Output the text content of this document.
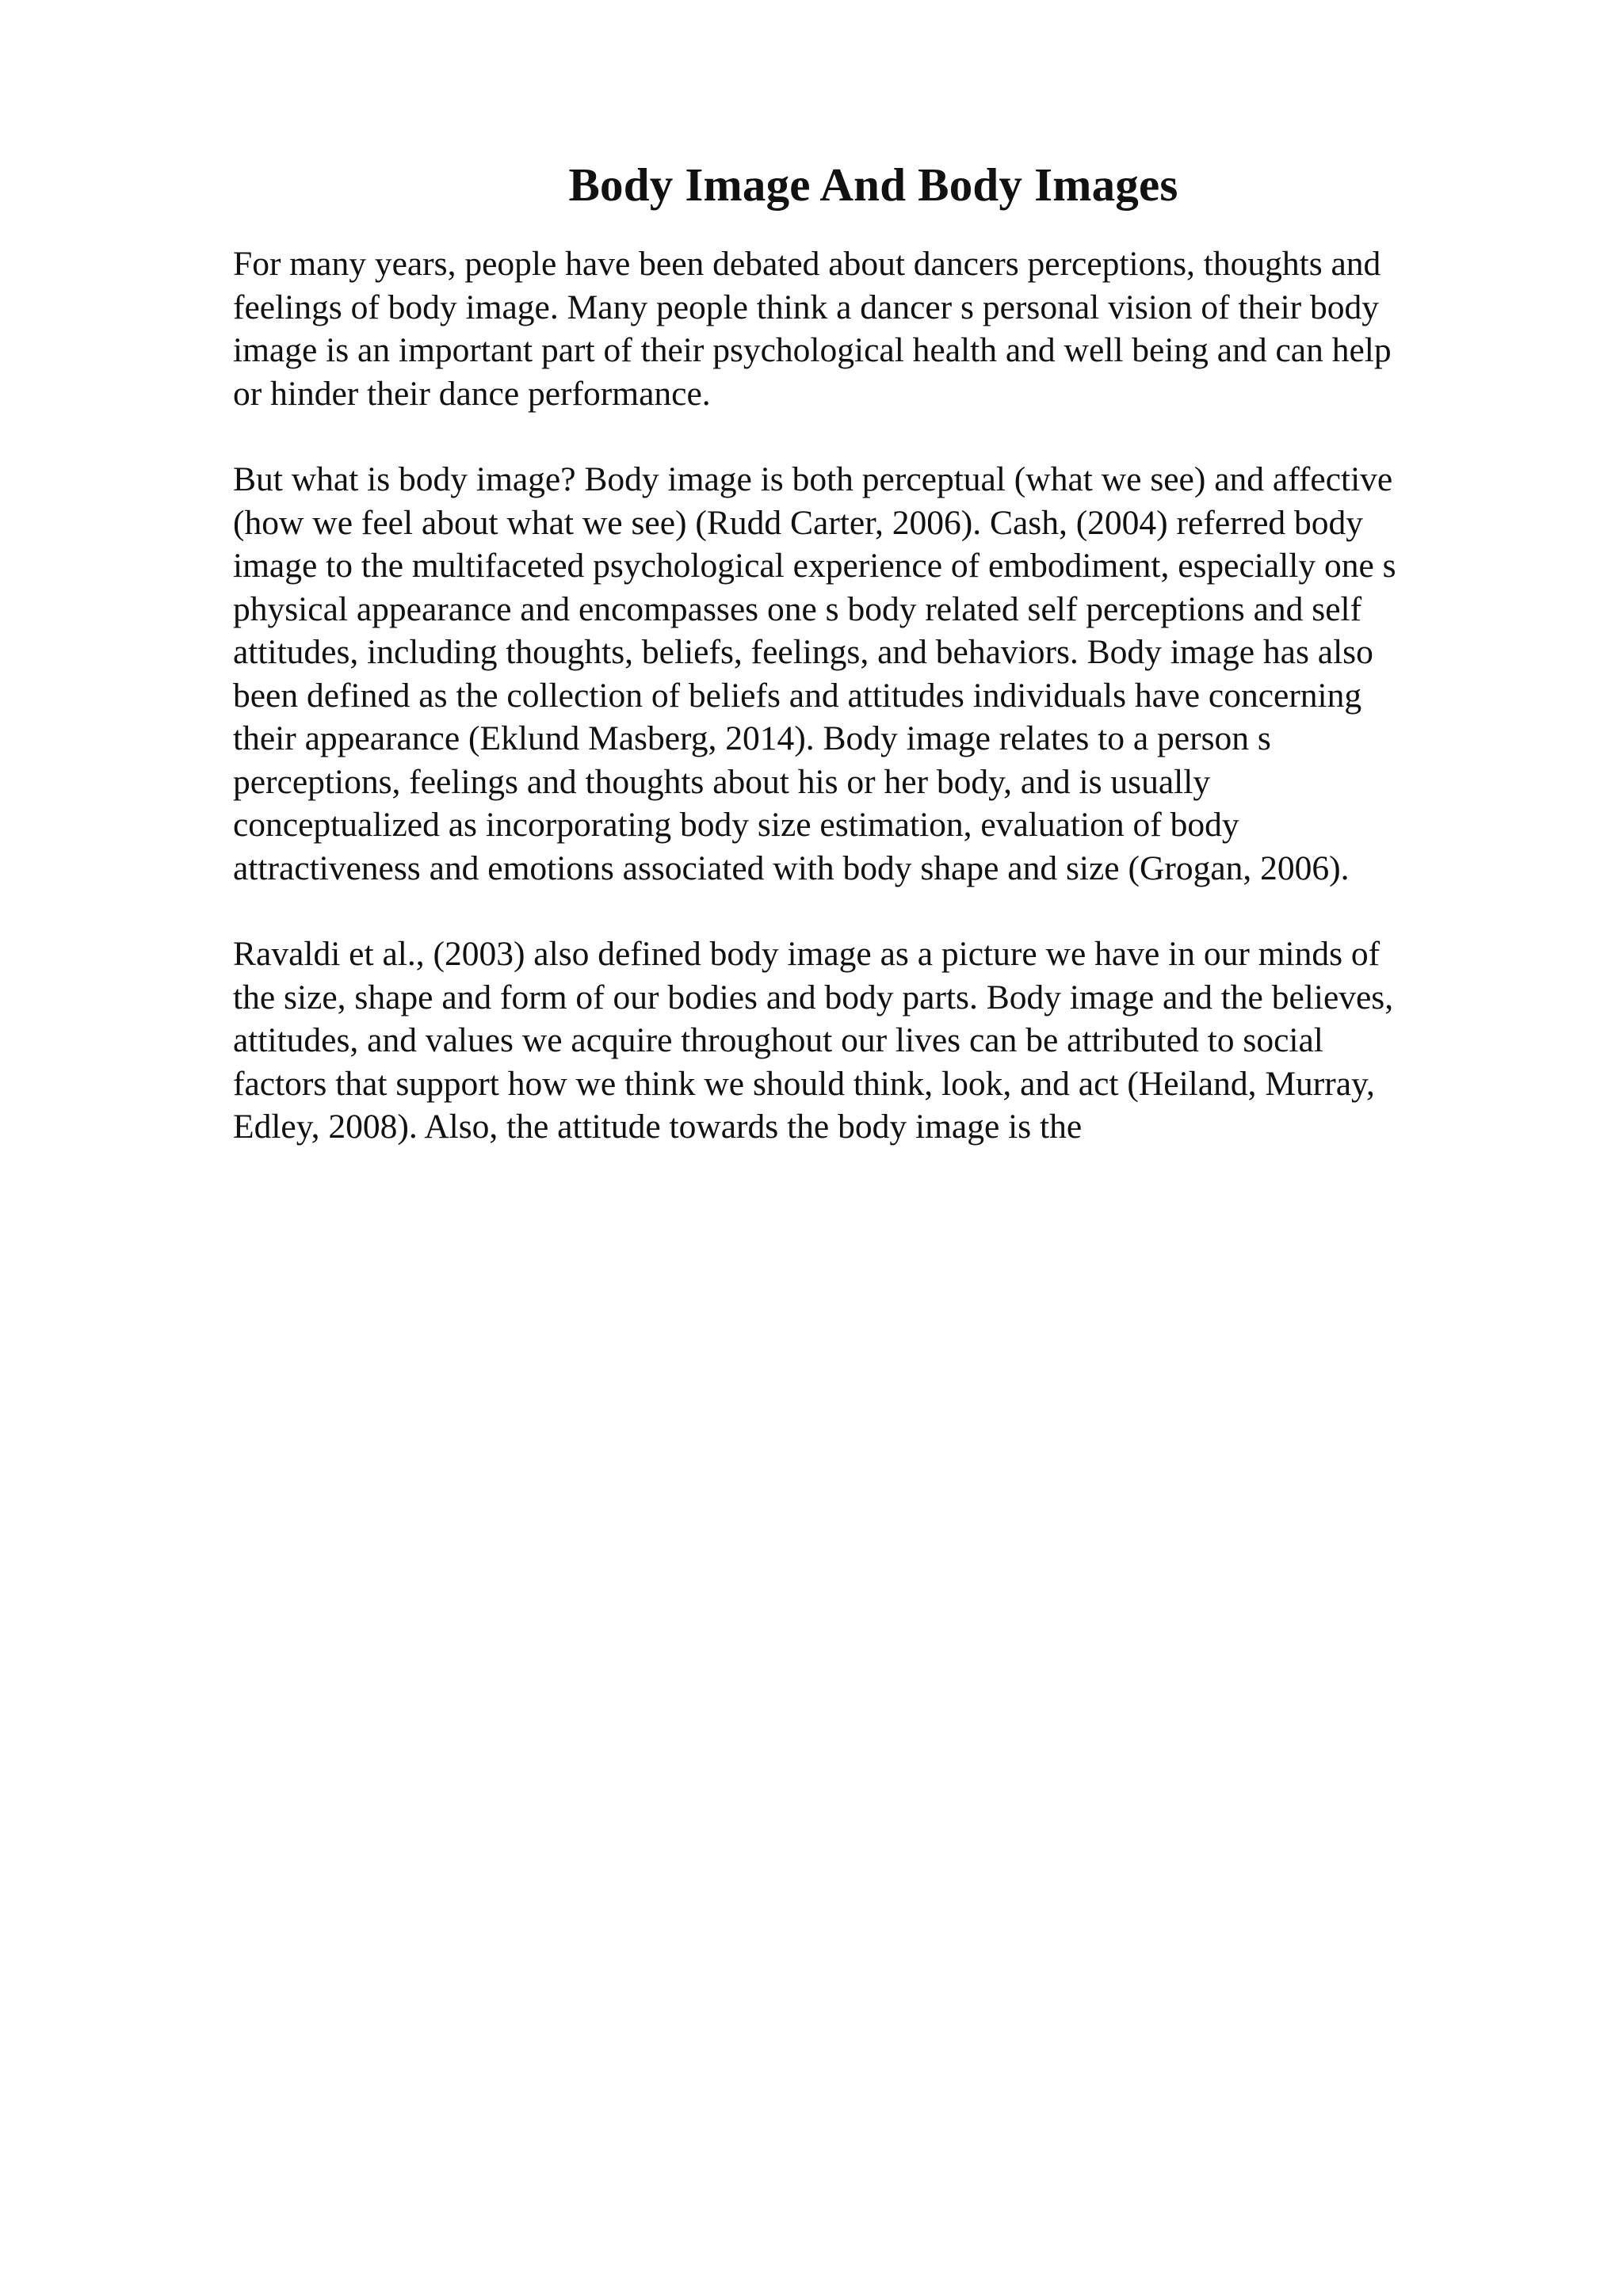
Body Image And Body Images

For many years, people have been debated about dancers perceptions, thoughts and
feelings of body image. Many people think a dancer s personal vision of their body
image is an important part of their psychological health and well being and can help
or hinder their dance performance.

But what is body image? Body image is both perceptual (what we see) and affective
(how we feel about what we see) (Rudd Carter, 2006). Cash, (2004) referred body
image to the multifaceted psychological experience of embodiment, especially one s
physical appearance and encompasses one s body related self perceptions and self
attitudes, including thoughts, beliefs, feelings, and behaviors. Body image has also
been defined as the collection of beliefs and attitudes individuals have concerning
their appearance (Eklund Masberg, 2014). Body image relates to a person s
perceptions, feelings and thoughts about his or her body, and is usually
conceptualized as incorporating body size estimation, evaluation of body
attractiveness and emotions associated with body shape and size (Grogan, 2006).

Ravaldi et al., (2003) also defined body image as a picture we have in our minds of
the size, shape and form of our bodies and body parts. Body image and the believes,
attitudes, and values we acquire throughout our lives can be attributed to social
factors that support how we think we should think, look, and act (Heiland, Murray,
Edley, 2008). Also, the attitude towards the body image is the
